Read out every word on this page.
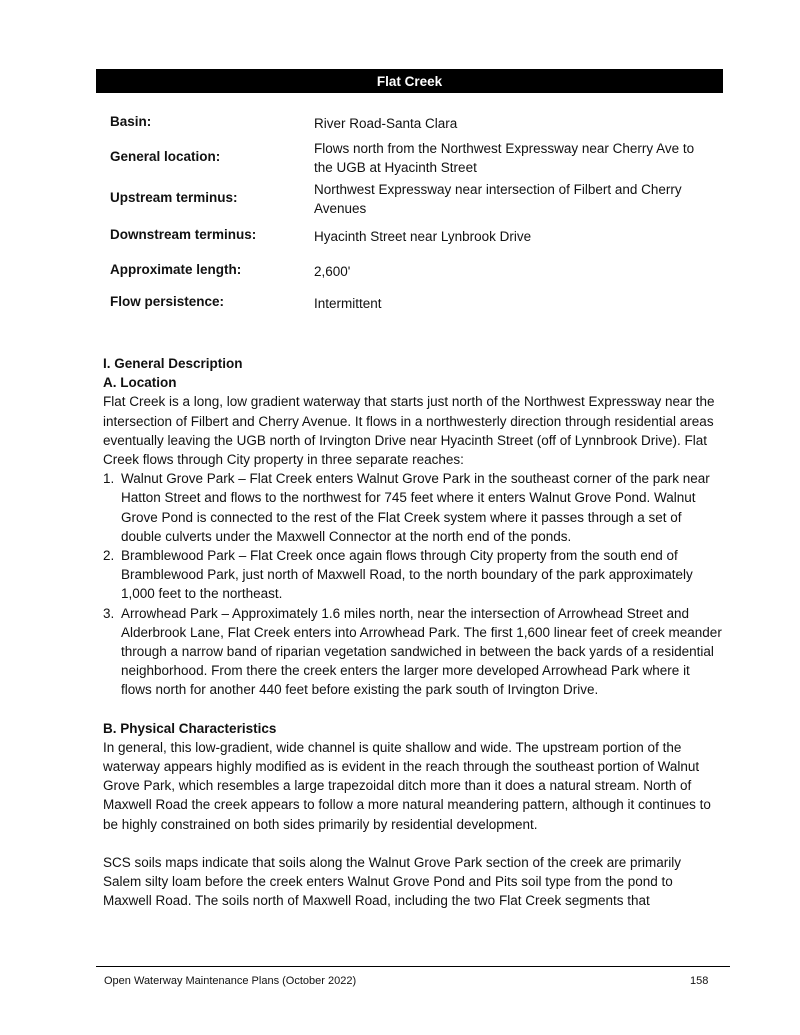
Flat Creek
Basin:	River Road-Santa Clara
General location:
Flows north from the Northwest Expressway near Cherry Ave to the UGB at Hyacinth Street
Upstream terminus:
Northwest Expressway near intersection of Filbert and Cherry Avenues
Downstream terminus:	Hyacinth Street near Lynbrook Drive
Approximate length:	2,600'
Flow persistence:	Intermittent

I. General Description

A. Location

Flat Creek is a long, low gradient waterway that starts just north of the Northwest Expressway near the intersection of Filbert and Cherry Avenue. It flows in a northwesterly direction through residential areas eventually leaving the UGB north of Irvington Drive near Hyacinth Street (off of Lynnbrook Drive). Flat Creek flows through City property in three separate reaches:

1. Walnut Grove Park – Flat Creek enters Walnut Grove Park in the southeast corner of the park near Hatton Street and flows to the northwest for 745 feet where it enters Walnut Grove Pond. Walnut Grove Pond is connected to the rest of the Flat Creek system where it passes through a set of double culverts under the Maxwell Connector at the north end of the ponds.
2. Bramblewood Park – Flat Creek once again flows through City property from the south end of Bramblewood Park, just north of Maxwell Road, to the north boundary of the park approximately 1,000 feet to the northeast.
3. Arrowhead Park – Approximately 1.6 miles north, near the intersection of Arrowhead Street and Alderbrook Lane, Flat Creek enters into Arrowhead Park. The first 1,600 linear feet of creek meander through a narrow band of riparian vegetation sandwiched in between the back yards of a residential neighborhood. From there the creek enters the larger more developed Arrowhead Park where it flows north for another 440 feet before existing the park south of Irvington Drive.

B. Physical Characteristics

In general, this low-gradient, wide channel is quite shallow and wide. The upstream portion of the waterway appears highly modified as is evident in the reach through the southeast portion of Walnut Grove Park, which resembles a large trapezoidal ditch more than it does a natural stream. North of Maxwell Road the creek appears to follow a more natural meandering pattern, although it continues to be highly constrained on both sides primarily by residential development.

SCS soils maps indicate that soils along the Walnut Grove Park section of the creek are primarily Salem silty loam before the creek enters Walnut Grove Pond and Pits soil type from the pond to Maxwell Road. The soils north of Maxwell Road, including the two Flat Creek segments that

Open Waterway Maintenance Plans (October 2022)	158
